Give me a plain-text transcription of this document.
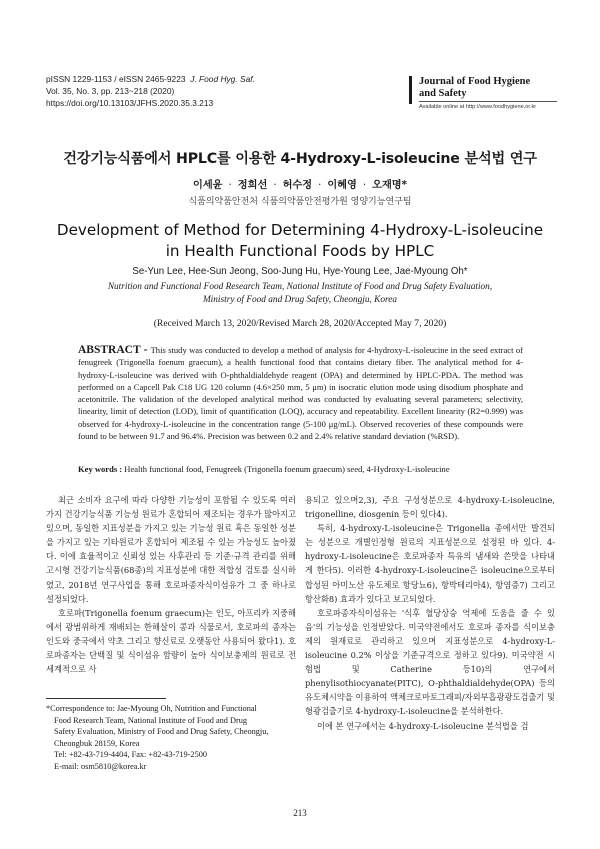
pISSN 1229-1153 / eISSN 2465-9223 J. Food Hyg. Saf.
Vol. 35, No. 3, pp. 213~218 (2020)
https://doi.org/10.13103/JFHS.2020.35.3.213
Journal of Food Hygiene
and Safety
Available online at http://www.foodhygiene.or.kr
건강기능식품에서 HPLC를 이용한 4-Hydroxy-L-isoleucine 분석법 연구
이세윤 · 정희선 · 허수정 · 이혜영 · 오재명*
식품의약품안전처 식품의약품안전평가원 영양기능연구팀
Development of Method for Determining 4-Hydroxy-L-isoleucine
in Health Functional Foods by HPLC
Se-Yun Lee, Hee-Sun Jeong, Soo-Jung Hu, Hye-Young Lee, Jae-Myoung Oh*
Nutrition and Functional Food Research Team, National Institute of Food and Drug Safety Evaluation,
Ministry of Food and Drug Safety, Cheongju, Korea
(Received March 13, 2020/Revised March 28, 2020/Accepted May 7, 2020)
ABSTRACT - This study was conducted to develop a method of analysis for 4-hydroxy-L-isoleucine in the seed extract of fenugreek (Trigonella foenum graecum), a health functional food that contains dietary fiber. The analytical method for 4-hydroxy-L-isoleucine was derived with O-phthaldialdehyde reagent (OPA) and determined by HPLC-PDA. The method was performed on a Capcell Pak C18 UG 120 column (4.6×250 mm, 5 μm) in isocratic elution mode using disodium phosphate and acetonitrile. The validation of the developed analytical method was conducted by evaluating several parameters; selectivity, linearity, limit of detection (LOD), limit of quantification (LOQ), accuracy and repeatability. Excellent linearity (R2=0.999) was observed for 4-hydroxy-L-isoleucine in the concentration range (5-100 μg/mL). Observed recoveries of these compounds were found to be between 91.7 and 96.4%. Precision was between 0.2 and 2.4% relative standard deviation (%RSD).
Key words : Health functional food, Fenugreek (Trigonella foenum graecum) seed, 4-Hydroxy-L-isoleucine

최근 소비자 요구에 따라 다양한 기능성이 포함될 수 있도록 여러 가지 건강기능식품 기능성 원료가 혼합되어 제조되는 경우가 많아지고 있으며, 동일한 지표성분을 가지고 있는 기능성 원료 혹은 동일한 성분을 가지고 있는 기타원료가 혼합되어 제조될 수 있는 가능성도 높아졌다. 이에 효율적이고 신뢰성 있는 사후관리 등 기준·규격 관리를 위해 고시형 건강기능식품(68종)의 지표성분에 대한 적합성 검토를 실시하였고, 2018년 연구사업을 통해 호로파종자식이섬유가 그 중 하나로 설정되었다.

호로파(Trigonella foenum graecum)는 인도, 아프리카 지중해에서 광범위하게 재배되는 한해살이 콩과 식물로서, 호로파의 종자는 인도와 중국에서 약초 그리고 향신료로 오랫동안 사용되어 왔다1). 호로파종자는 단백질 및 식이섬유 함량이 높아 식이보충제의 원료로 전 세계적으로 사

용되고 있으며2,3), 주요 구성성분으로 4-hydroxy-L-isoleucine, trigonelline, diosgenin 등이 있다4).

특히, 4-hydroxy-L-isoleucine은 Trigonella 종에서만 발견되는 성분으로 개별인정형 원료의 지표성분으로 설정된 바 있다. 4-hydroxy-L-isoleucine은 호로파종자 특유의 냄새와 쓴맛을 나타내게 한다5). 이러한 4-hydroxy-L-isoleucine은 isoleucine으로부터 합성된 아미노산 유도체로 항당뇨6), 항박테리아4), 항염증7) 그리고 항산화8) 효과가 있다고 보고되었다.

호로파종자식이섬유는 '식후 혈당상승 억제에 도움을 줄 수 있음'의 기능성을 인정받았다. 미국약전에서도 호로파 종자를 식이보충제의 원재료로 관리하고 있으며 지표성분으로 4-hydroxy-L-isoleucine 0.2% 이상을 기준규격으로 정하고 있다9). 미국약전 시험법 및 Catherine 등10)의 연구에서 phenylisothiocyanate(PITC), O-phthaldialdehyde(OPA) 등의 유도체시약을 이용하여 액체크로마토그래피/자외부흡광광도검출기 및 형광검출기로 4-hydroxy-L-isoleucine을 분석하한다.

이에 본 연구에서는 4-hydroxy-L-isoleucine 분석법을 검

*Correspondence to: Jae-Myoung Oh, Nutrition and Functional

Food Research Team, National Institute of Food and Drug

Safety Evaluation, Ministry of Food and Drug Safety, Cheongju,

Cheongbuk 28159, Korea

Tel: +82-43-719-4404, Fax: +82-43-719-2500

E-mail: osm5810@korea.kr

213
